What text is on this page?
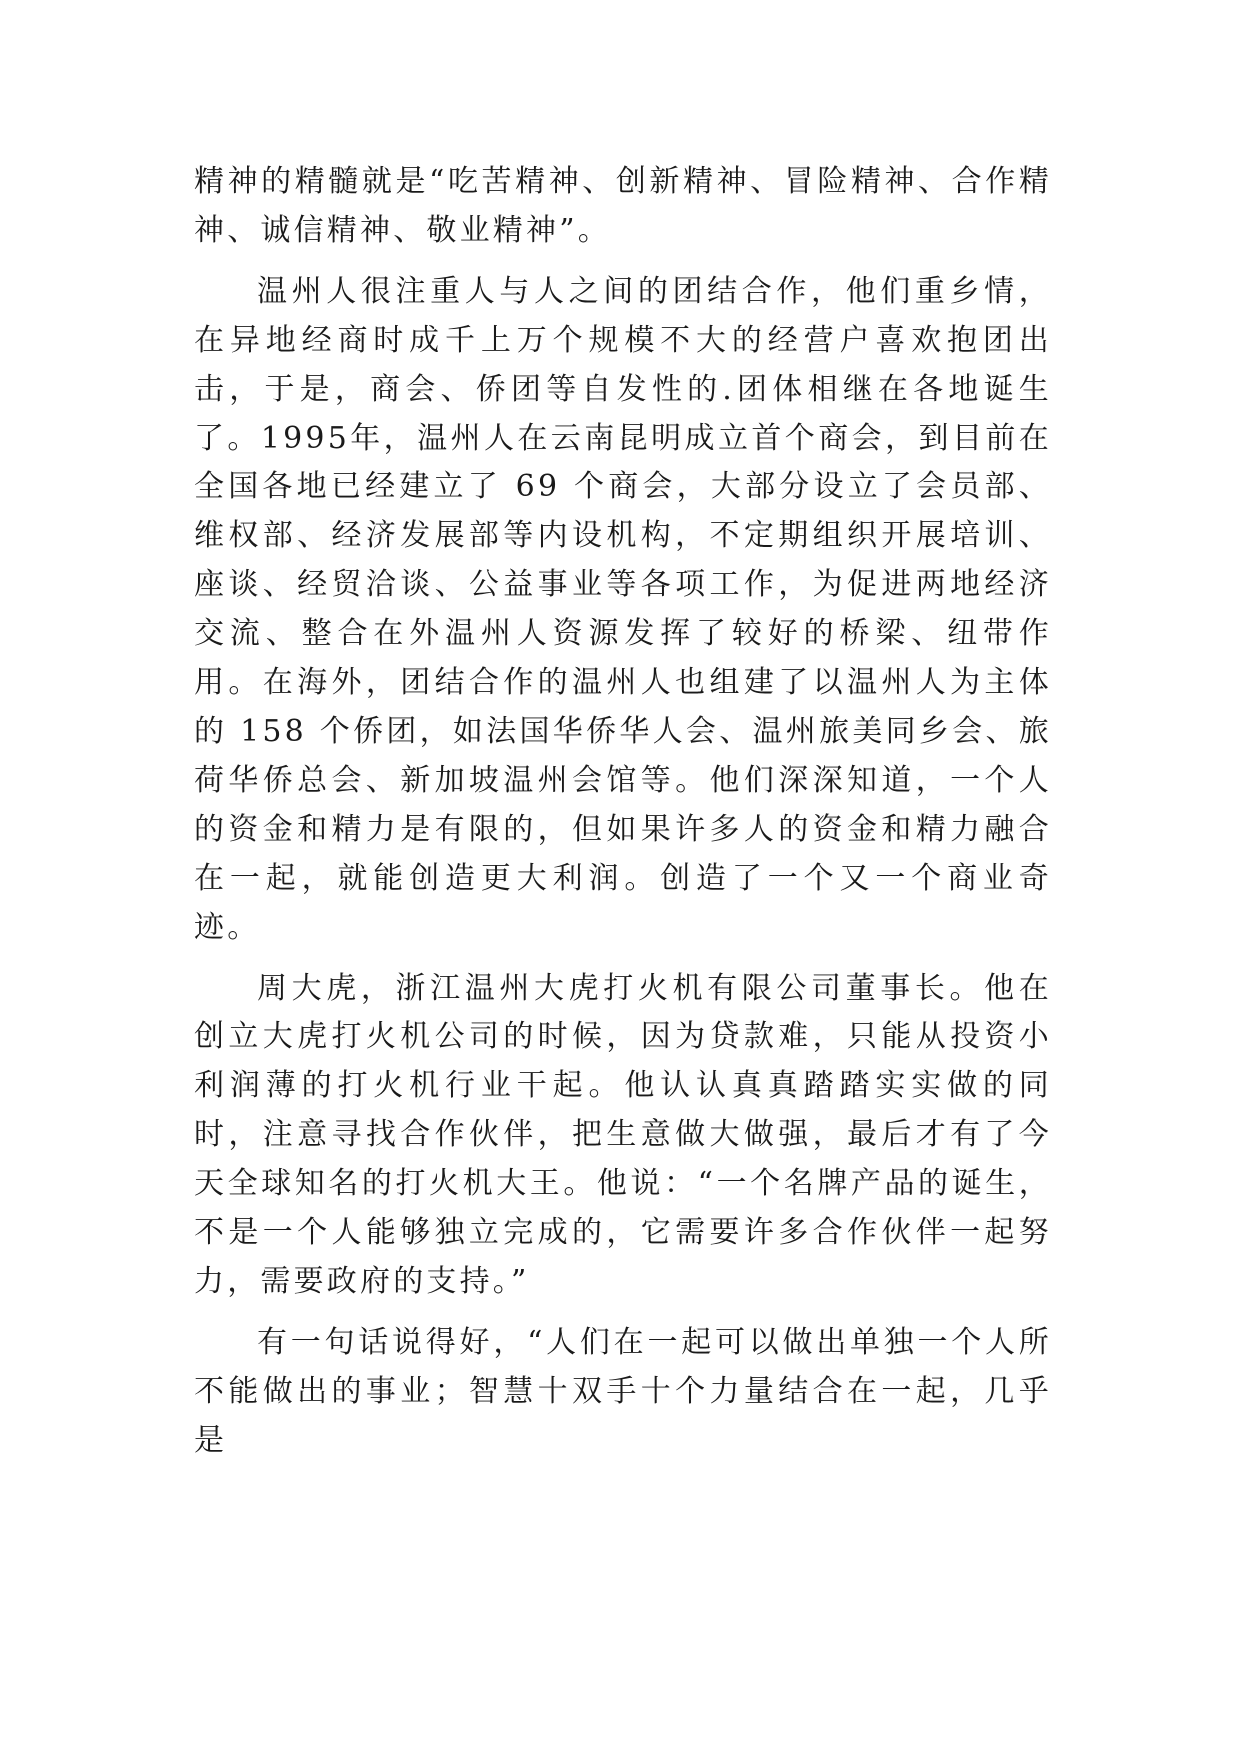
精神的精髓就是“吃苦精神、创新精神、冒险精神、合作精神、诚信精神、敬业精神”。

温州人很注重人与人之间的团结合作，他们重乡情，在异地经商时成千上万个规模不大的经营户喜欢抱团出击，于是，商会、侨团等自发性的.团体相继在各地诞生了。1995年，温州人在云南昆明成立首个商会，到目前在全国各地已经建立了 69 个商会，大部分设立了会员部、维权部、经济发展部等内设机构，不定期组织开展培训、座谈、经贸洽谈、公益事业等各项工作，为促进两地经济交流、整合在外温州人资源发挥了较好的桥梁、纽带作用。在海外，团结合作的温州人也组建了以温州人为主体的 158 个侨团，如法国华侨华人会、温州旅美同乡会、旅荷华侨总会、新加坡温州会馆等。他们深深知道，一个人的资金和精力是有限的，但如果许多人的资金和精力融合在一起，就能创造更大利润。创造了一个又一个商业奇迹。

周大虎，浙江温州大虎打火机有限公司董事长。他在创立大虎打火机公司的时候，因为贷款难，只能从投资小利润薄的打火机行业干起。他认认真真踏踏实实做的同时，注意寻找合作伙伴，把生意做大做强，最后才有了今天全球知名的打火机大王。他说：“一个名牌产品的诞生，不是一个人能够独立完成的，它需要许多合作伙伴一起努力，需要政府的支持。”

有一句话说得好，“人们在一起可以做出单独一个人所不能做出的事业；智慧十双手十个力量结合在一起，几乎是
